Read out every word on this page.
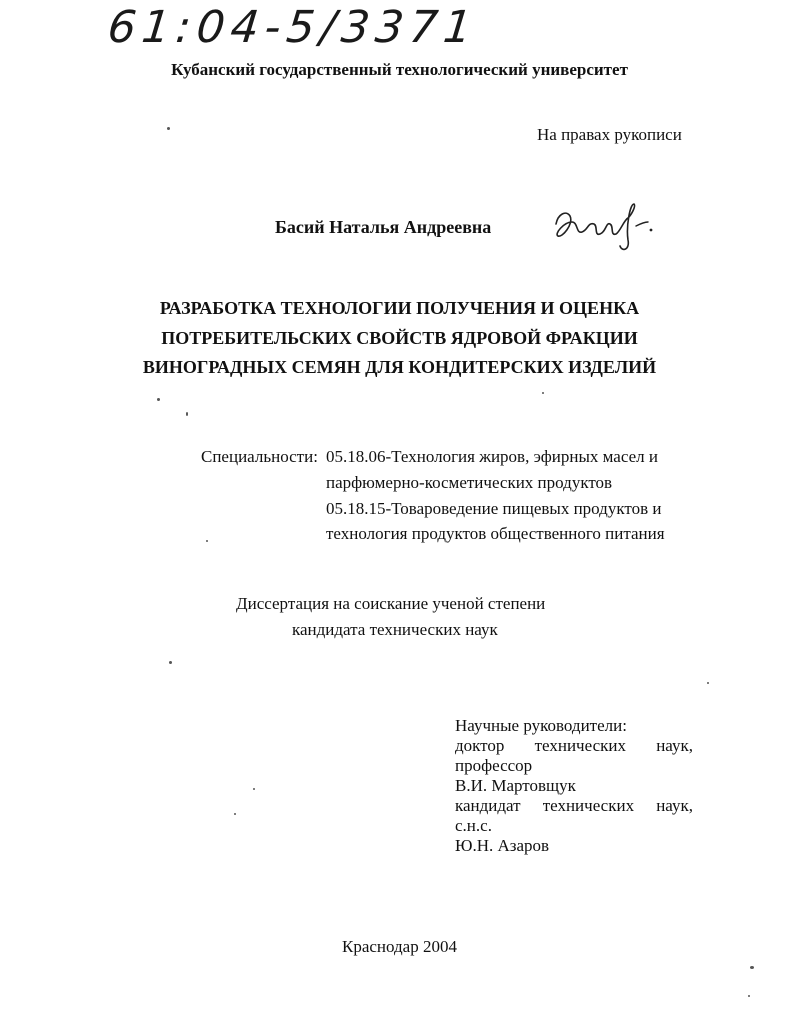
61:04-5/3371
Кубанский государственный технологический университет
На правах рукописи
Басий Наталья Андреевна
РАЗРАБОТКА ТЕХНОЛОГИИ ПОЛУЧЕНИЯ И ОЦЕНКА
ПОТРЕБИТЕЛЬСКИХ СВОЙСТВ ЯДРОВОЙ ФРАКЦИИ
ВИНОГРАДНЫХ СЕМЯН ДЛЯ КОНДИТЕРСКИХ ИЗДЕЛИЙ
Специальности: 05.18.06-Технология жиров, эфирных масел и
парфюмерно-косметических продуктов
05.18.15-Товароведение пищевых продуктов и
технология продуктов общественного питания
Диссертация на соискание ученой степени
кандидата технических наук
Научные руководители:
доктор технических наук,
профессор
В.И. Мартовщук
кандидат технических наук,
с.н.с.
Ю.Н. Азаров
Краснодар 2004
